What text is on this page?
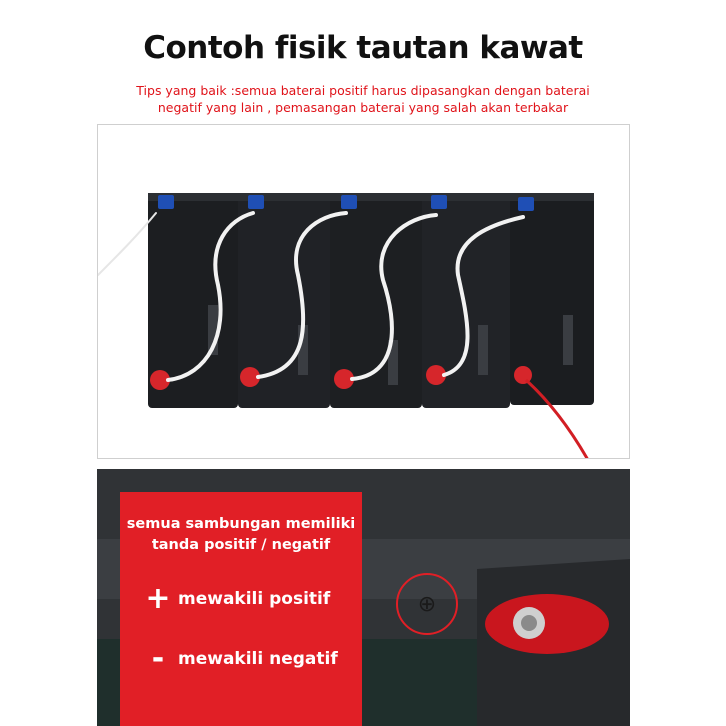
Contoh fisik tautan kawat
Tips yang baik :semua baterai positif harus dipasangkan dengan baterai
negatif yang lain , pemasangan baterai yang salah akan terbakar
⊕
semua sambungan memiliki
tanda positif / negatif
+ mewakili positif
- mewakili negatif
